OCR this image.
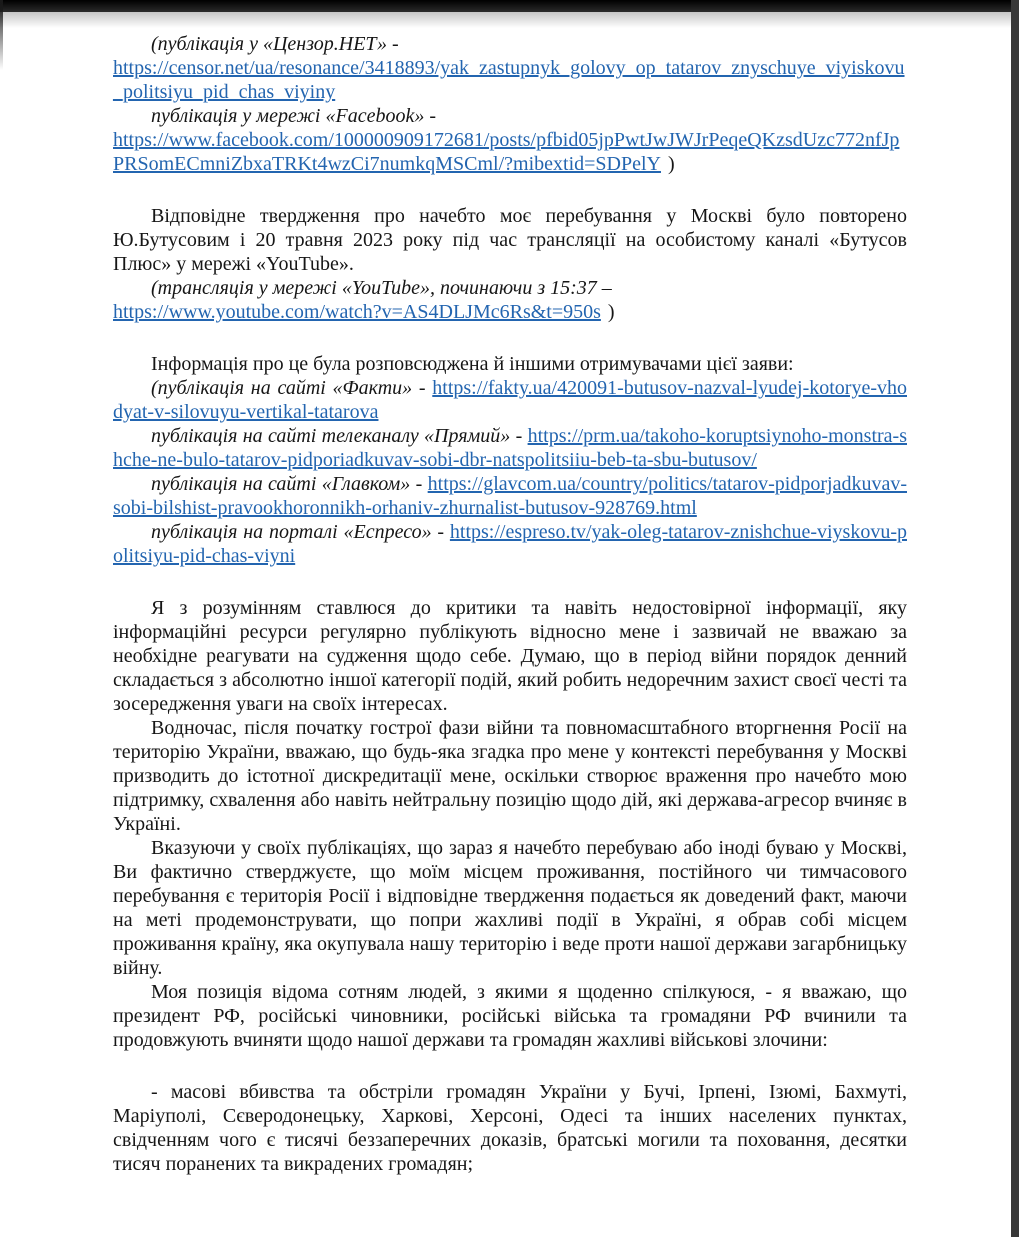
(публікація у «Цензор.НЕТ» -

https://censor.net/ua/resonance/3418893/yak_zastupnyk_golovy_op_tatarov_znyschuye_viyiskovu_politsiyu_pid_chas_viyiny

публікація у мережі «Facebook» -

https://www.facebook.com/100000909172681/posts/pfbid05jpPwtJwJWJrPeqeQKzsdUzc772nfJpPRSomECmniZbxaTRKt4wzCi7numkqMSCml/?mibextid=SDPelY )

Відповідне твердження про начебто моє перебування у Москві було повторено Ю.Бутусовим і 20 травня 2023 року під час трансляції на особистому каналі «Бутусов Плюс» у мережі «YouTube».

(трансляція у мережі «YouTube», починаючи з 15:37 –

https://www.youtube.com/watch?v=AS4DLJMc6Rs&t=950s )

Інформація про це була розповсюджена й іншими отримувачами цієї заяви:

(публікація на сайті «Факти» - https://fakty.ua/420091-butusov-nazval-lyudej-kotorye-vhodyat-v-silovuyu-vertikal-tatarova

публікація на сайті телеканалу «Прямий» - https://prm.ua/takoho-koruptsiynoho-monstra-shche-ne-bulo-tatarov-pidporiadkuvav-sobi-dbr-natspolitsiiu-beb-ta-sbu-butusov/

публікація на сайті «Главком» - https://glavcom.ua/country/politics/tatarov-pidporjadkuvav-sobi-bilshist-pravookhoronnikh-orhaniv-zhurnalist-butusov-928769.html

публікація на порталі «Еспресо» - https://espreso.tv/yak-oleg-tatarov-znishchue-viyskovu-politsiyu-pid-chas-viyni

Я з розумінням ставлюся до критики та навіть недостовірної інформації, яку інформаційні ресурси регулярно публікують відносно мене і зазвичай не вважаю за необхідне реагувати на судження щодо себе. Думаю, що в період війни порядок денний складається з абсолютно іншої категорії подій, який робить недоречним захист своєї честі та зосередження уваги на своїх інтересах.

Водночас, після початку гострої фази війни та повномасштабного вторгнення Росії на територію України, вважаю, що будь-яка згадка про мене у контексті перебування у Москві призводить до істотної дискредитації мене, оскільки створює враження про начебто мою підтримку, схвалення або навіть нейтральну позицію щодо дій, які держава-агресор вчиняє в Україні.

Вказуючи у своїх публікаціях, що зараз я начебто перебуваю або іноді буваю у Москві, Ви фактично стверджуєте, що моїм місцем проживання, постійного чи тимчасового перебування є територія Росії і відповідне твердження подається як доведений факт, маючи на меті продемонструвати, що попри жахливі події в Україні, я обрав собі місцем проживання країну, яка окупувала нашу територію і веде проти нашої держави загарбницьку війну.

Моя позиція відома сотням людей, з якими я щоденно спілкуюся, - я вважаю, що президент РФ, російські чиновники, російські війська та громадяни РФ вчинили та продовжують вчиняти щодо нашої держави та громадян жахливі військові злочини:

- масові вбивства та обстріли громадян України у Бучі, Ірпені, Ізюмі, Бахмуті, Маріуполі, Сєверодонецьку, Харкові, Херсоні, Одесі та інших населених пунктах, свідченням чого є тисячі беззаперечних доказів, братські могили та поховання, десятки тисяч поранених та викрадених громадян;
